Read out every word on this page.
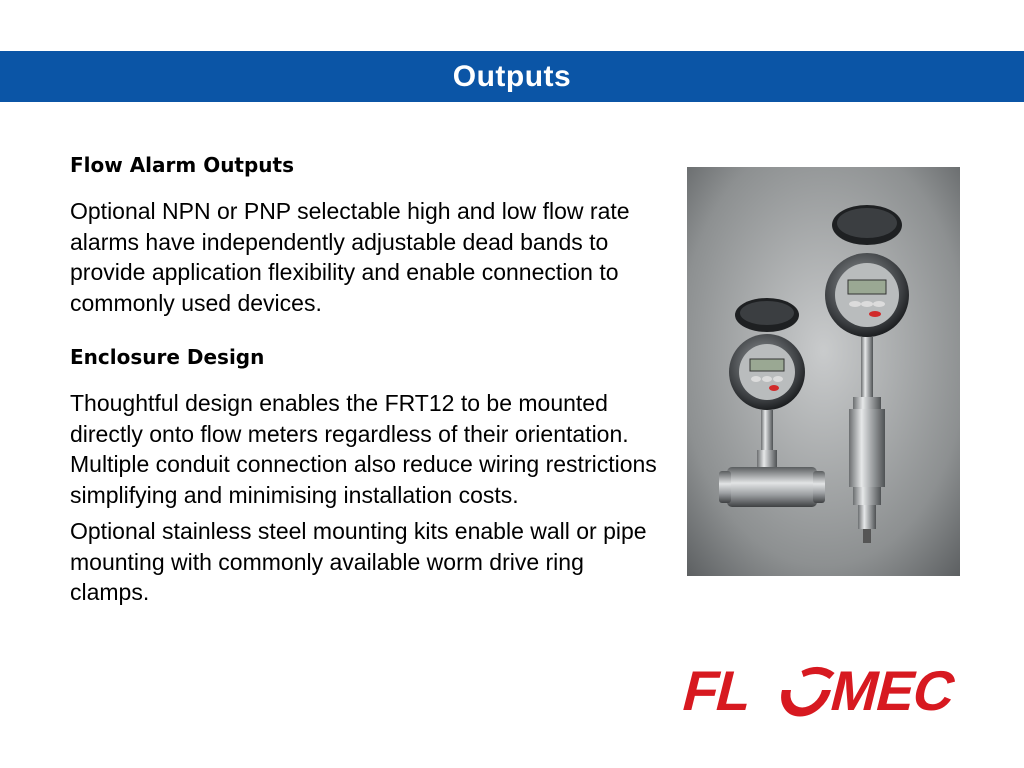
Outputs
Flow Alarm Outputs

Optional NPN or PNP selectable high and low flow rate alarms have independently adjustable dead bands to provide application flexibility and enable connection to commonly used devices.

Enclosure Design

Thoughtful design enables the FRT12 to be mounted directly onto flow meters regardless of their orientation. Multiple conduit connection also reduce wiring restrictions simplifying and minimising installation costs.

Optional stainless steel mounting kits enable wall or pipe mounting with commonly available worm drive ring clamps.

FL MEC
